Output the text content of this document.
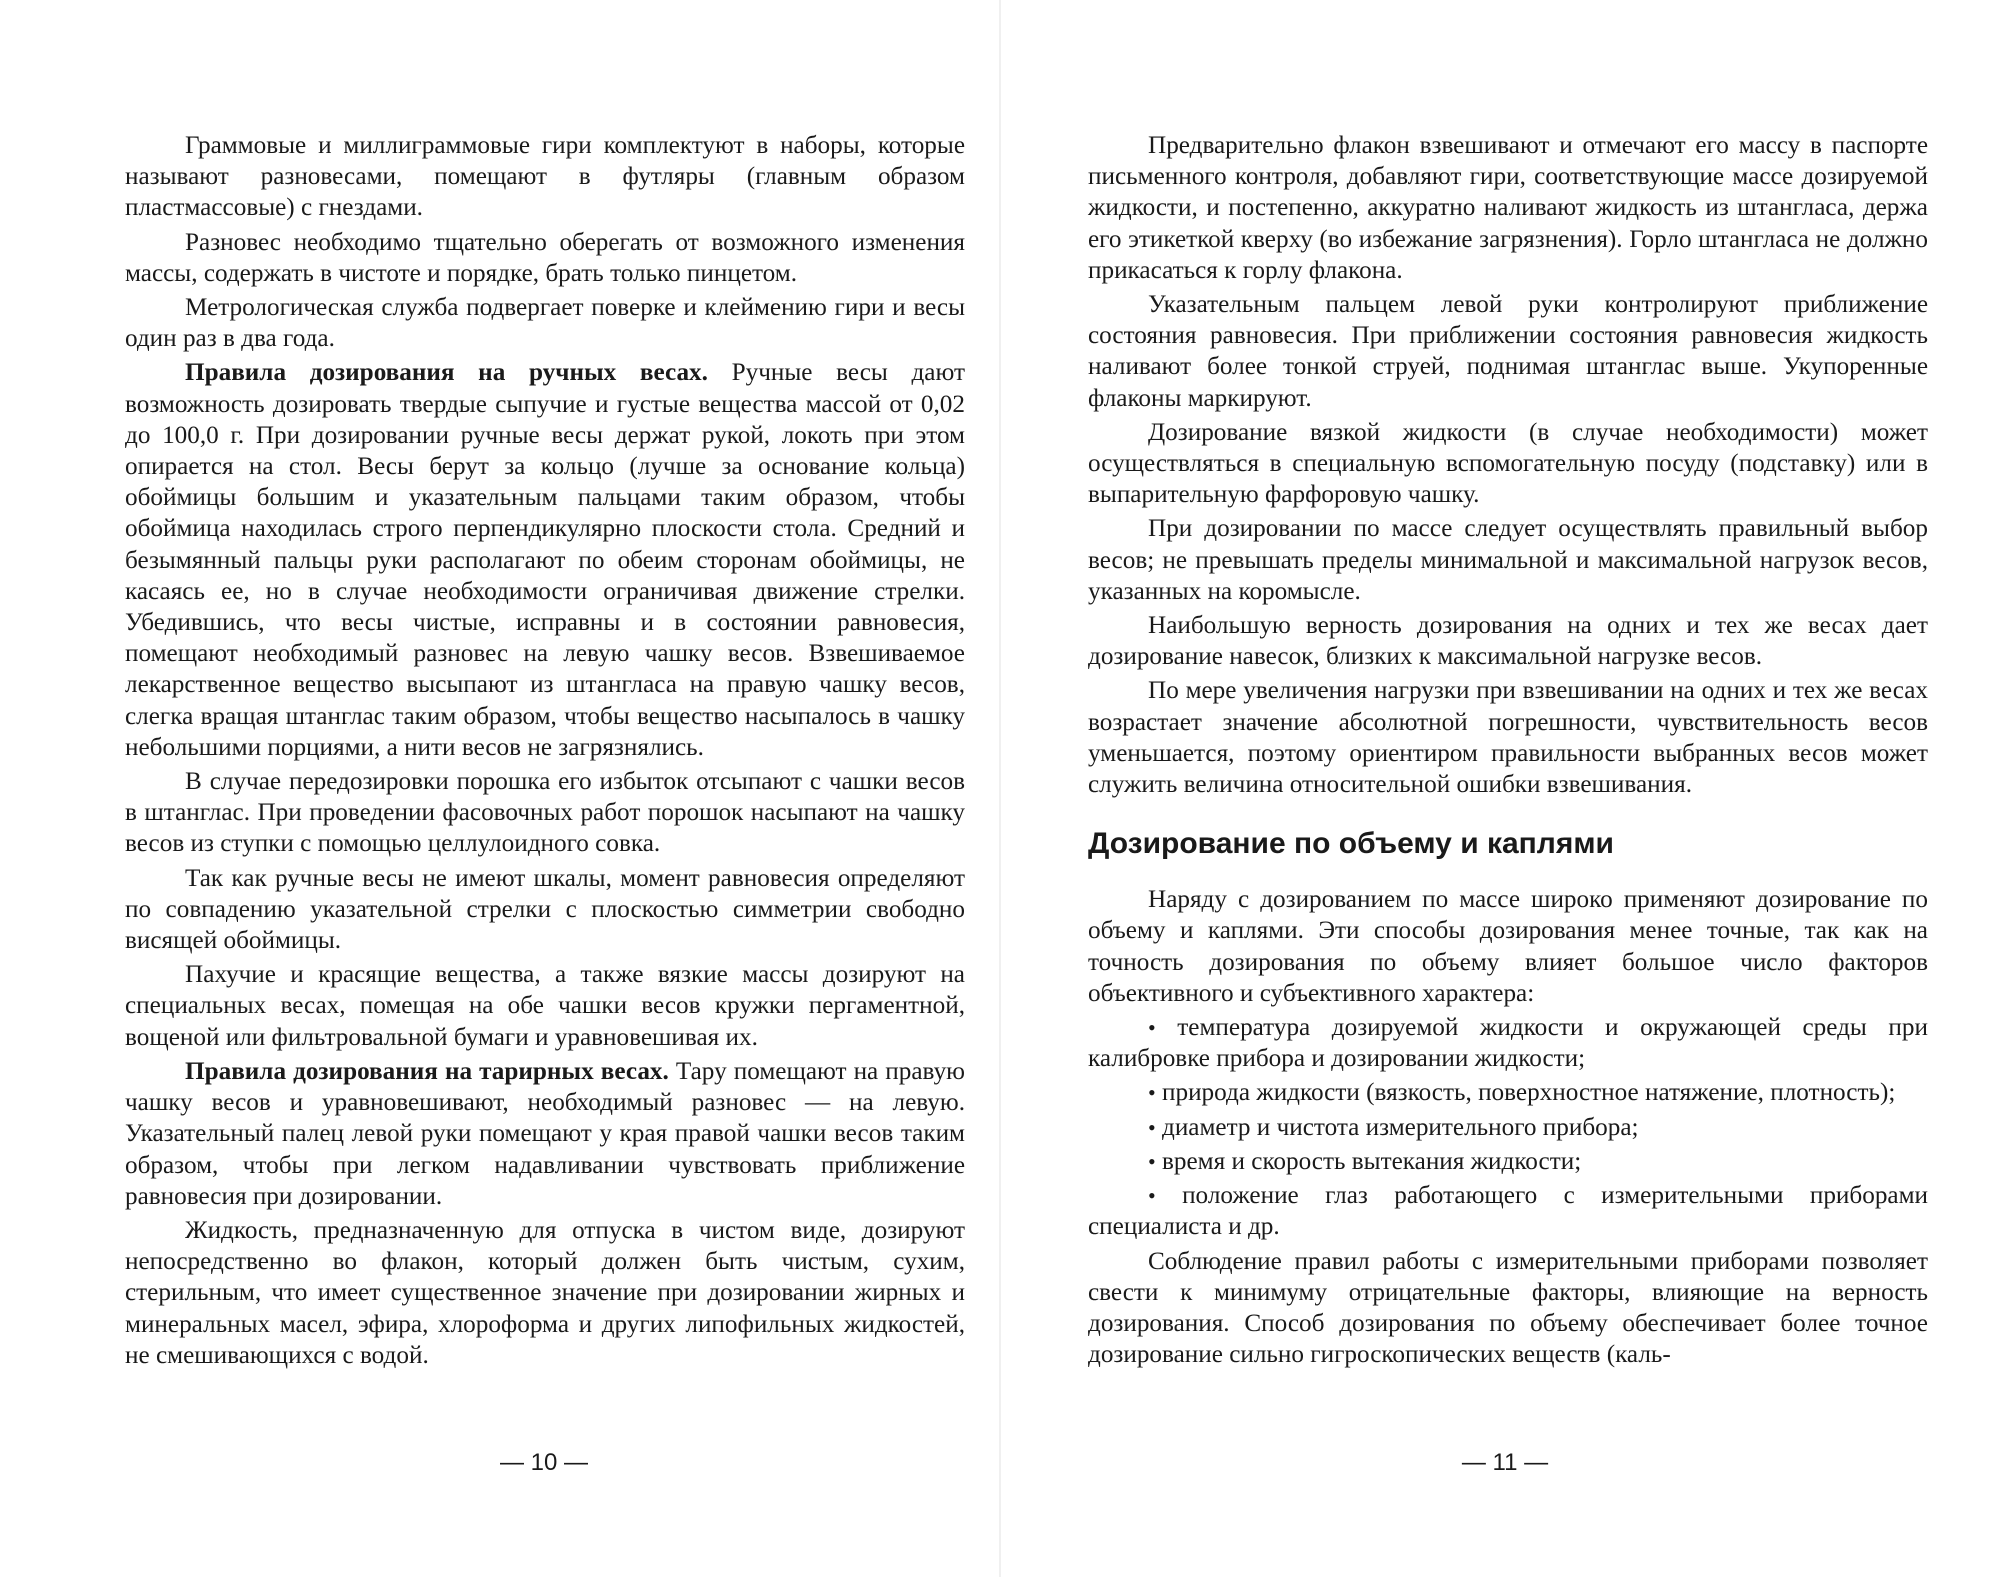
Граммовые и миллиграммовые гири комплектуют в наборы, которые называют разновесами, помещают в футляры (главным образом пластмассовые) с гнездами.

Разновес необходимо тщательно оберегать от возможного изменения массы, содержать в чистоте и порядке, брать только пинцетом.

Метрологическая служба подвергает поверке и клеймению гири и весы один раз в два года.

Правила дозирования на ручных весах. Ручные весы дают возможность дозировать твердые сыпучие и густые вещества массой от 0,02 до 100,0 г. При дозировании ручные весы держат рукой, локоть при этом опирается на стол. Весы берут за кольцо (лучше за основание кольца) обоймицы большим и указательным пальцами таким образом, чтобы обоймица находилась строго перпендикулярно плоскости стола. Средний и безымянный пальцы руки располагают по обеим сторонам обоймицы, не касаясь ее, но в случае необходимости ограничивая движение стрелки. Убедившись, что весы чистые, исправны и в состоянии равновесия, помещают необходимый разновес на левую чашку весов. Взвешиваемое лекарственное вещество высыпают из штангласа на правую чашку весов, слегка вращая штанглас таким образом, чтобы вещество насыпалось в чашку небольшими порциями, а нити весов не загрязнялись.

В случае передозировки порошка его избыток отсыпают с чашки весов в штанглас. При проведении фасовочных работ порошок насыпают на чашку весов из ступки с помощью целлулоидного совка.

Так как ручные весы не имеют шкалы, момент равновесия определяют по совпадению указательной стрелки с плоскостью симметрии свободно висящей обоймицы.

Пахучие и красящие вещества, а также вязкие массы дозируют на специальных весах, помещая на обе чашки весов кружки пергаментной, вощеной или фильтровальной бумаги и уравновешивая их.

Правила дозирования на тарирных весах. Тару помещают на правую чашку весов и уравновешивают, необходимый разновес — на левую. Указательный палец левой руки помещают у края правой чашки весов таким образом, чтобы при легком надавливании чувствовать приближение равновесия при дозировании.

Жидкость, предназначенную для отпуска в чистом виде, дозируют непосредственно во флакон, который должен быть чистым, сухим, стерильным, что имеет существенное значение при дозировании жирных и минеральных масел, эфира, хлороформа и других липофильных жидкостей, не смешивающихся с водой.

— 10 —

Предварительно флакон взвешивают и отмечают его массу в паспорте письменного контроля, добавляют гири, соответствующие массе дозируемой жидкости, и постепенно, аккуратно наливают жидкость из штангласа, держа его этикеткой кверху (во избежание загрязнения). Горло штангласа не должно прикасаться к горлу флакона.

Указательным пальцем левой руки контролируют приближение состояния равновесия. При приближении состояния равновесия жидкость наливают более тонкой струей, поднимая штанглас выше. Укупоренные флаконы маркируют.

Дозирование вязкой жидкости (в случае необходимости) может осуществляться в специальную вспомогательную посуду (подставку) или в выпарительную фарфоровую чашку.

При дозировании по массе следует осуществлять правильный выбор весов; не превышать пределы минимальной и максимальной нагрузок весов, указанных на коромысле.

Наибольшую верность дозирования на одних и тех же весах дает дозирование навесок, близких к максимальной нагрузке весов.

По мере увеличения нагрузки при взвешивании на одних и тех же весах возрастает значение абсолютной погрешности, чувствительность весов уменьшается, поэтому ориентиром правильности выбранных весов может служить величина относительной ошибки взвешивания.

Дозирование по объему и каплями

Наряду с дозированием по массе широко применяют дозирование по объему и каплями. Эти способы дозирования менее точные, так как на точность дозирования по объему влияет большое число факторов объективного и субъективного характера:

• температура дозируемой жидкости и окружающей среды при калибровке прибора и дозировании жидкости;

• природа жидкости (вязкость, поверхностное натяжение, плотность);

• диаметр и чистота измерительного прибора;

• время и скорость вытекания жидкости;

• положение глаз работающего с измерительными приборами специалиста и др.

Соблюдение правил работы с измерительными приборами позволяет свести к минимуму отрицательные факторы, влияющие на верность дозирования. Способ дозирования по объему обеспечивает более точное дозирование сильно гигроскопических веществ (каль-

— 11 —
